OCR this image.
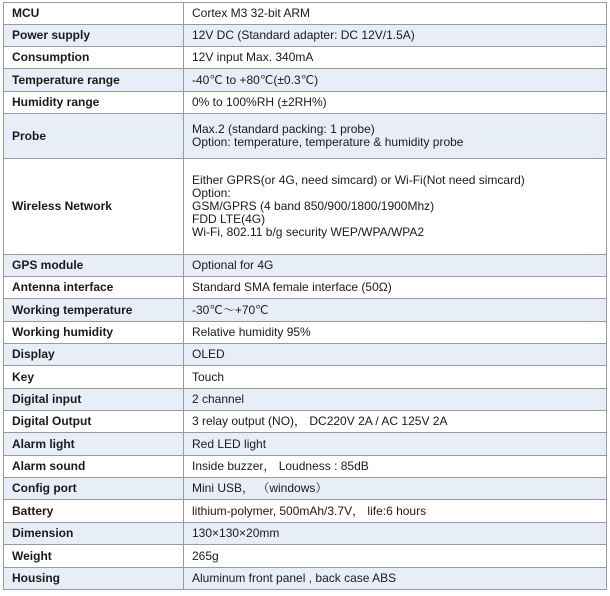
MCU	Cortex M3 32-bit ARM

Power supply	12V DC (Standard adapter: DC 12V/1.5A)

Consumption	12V input Max. 340mA

Temperature range	-40℃ to +80℃(±0.3℃)

Humidity range	0% to 100%RH (±2RH%)

Probe	Max.2 (standard packing: 1 probe)
Option: temperature, temperature & humidity probe

Wireless Network	Either GPRS(or 4G, need simcard) or Wi-Fi(Not need simcard)
Option:
GSM/GPRS (4 band 850/900/1800/1900Mhz)
FDD LTE(4G)
Wi-Fi, 802.11 b/g security WEP/WPA/WPA2

GPS module	Optional for 4G

Antenna interface	Standard SMA female interface (50Ω)

Working temperature	-30℃～+70℃

Working humidity	Relative humidity 95%

Display	OLED

Key	Touch

Digital input	2 channel

Digital Output	3 relay output (NO)， DC220V 2A / AC 125V 2A

Alarm light	Red LED light

Alarm sound	Inside buzzer， Loudness : 85dB

Config port	Mini USB， （windows）

Battery	lithium-polymer, 500mAh/3.7V， life:6 hours

Dimension	130×130×20mm

Weight	265g

Housing	Aluminum front panel , back case ABS
